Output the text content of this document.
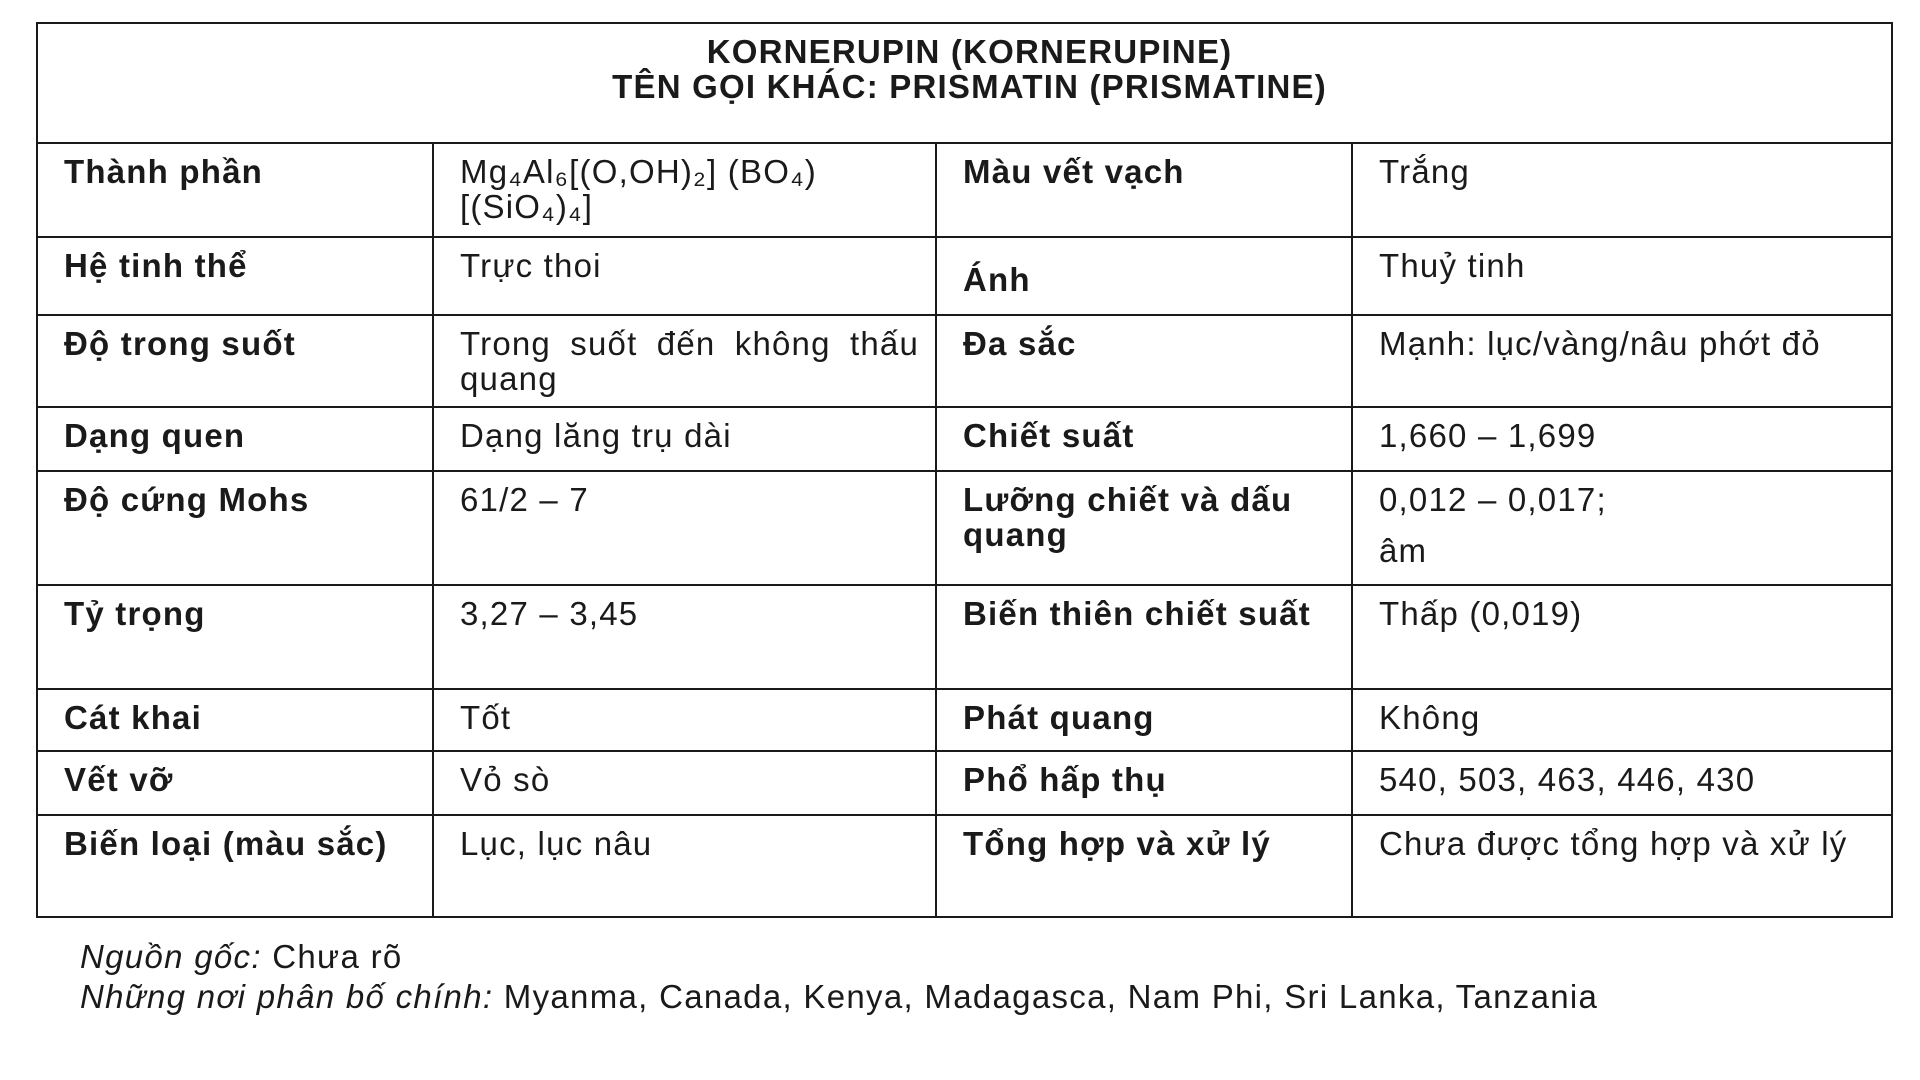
KORNERUPIN (KORNERUPINE)
TÊN GỌI KHÁC: PRISMATIN (PRISMATINE)			

Thành phần	Mg₄Al₆[(O,OH)₂] (BO₄) [(SiO₄)₄]	Màu vết vạch	Trắng
Hệ tinh thể	Trực thoi	Ánh	Thuỷ tinh
Độ trong suốt	Trong suốt đến không thấu quang	Đa sắc	Mạnh: lục/vàng/nâu phớt đỏ
Dạng quen	Dạng lăng trụ dài	Chiết suất	1,660 – 1,699
Độ cứng Mohs	61/2 – 7	Lưỡng chiết và dấu quang	0,012 – 0,017;
âm

Tỷ trọng	3,27 – 3,45	Biến thiên chiết suất	Thấp (0,019)
Cát khai	Tốt	Phát quang	Không
Vết vỡ	Vỏ sò	Phổ hấp thụ	540, 503, 463, 446, 430
Biến loại (màu sắc)	Lục, lục nâu	Tổng hợp và xử lý	Chưa được tổng hợp và xử lý
Nguồn gốc: Chưa rõ
Những nơi phân bố chính: Myanma, Canada, Kenya, Madagasca, Nam Phi, Sri Lanka, Tanzania
